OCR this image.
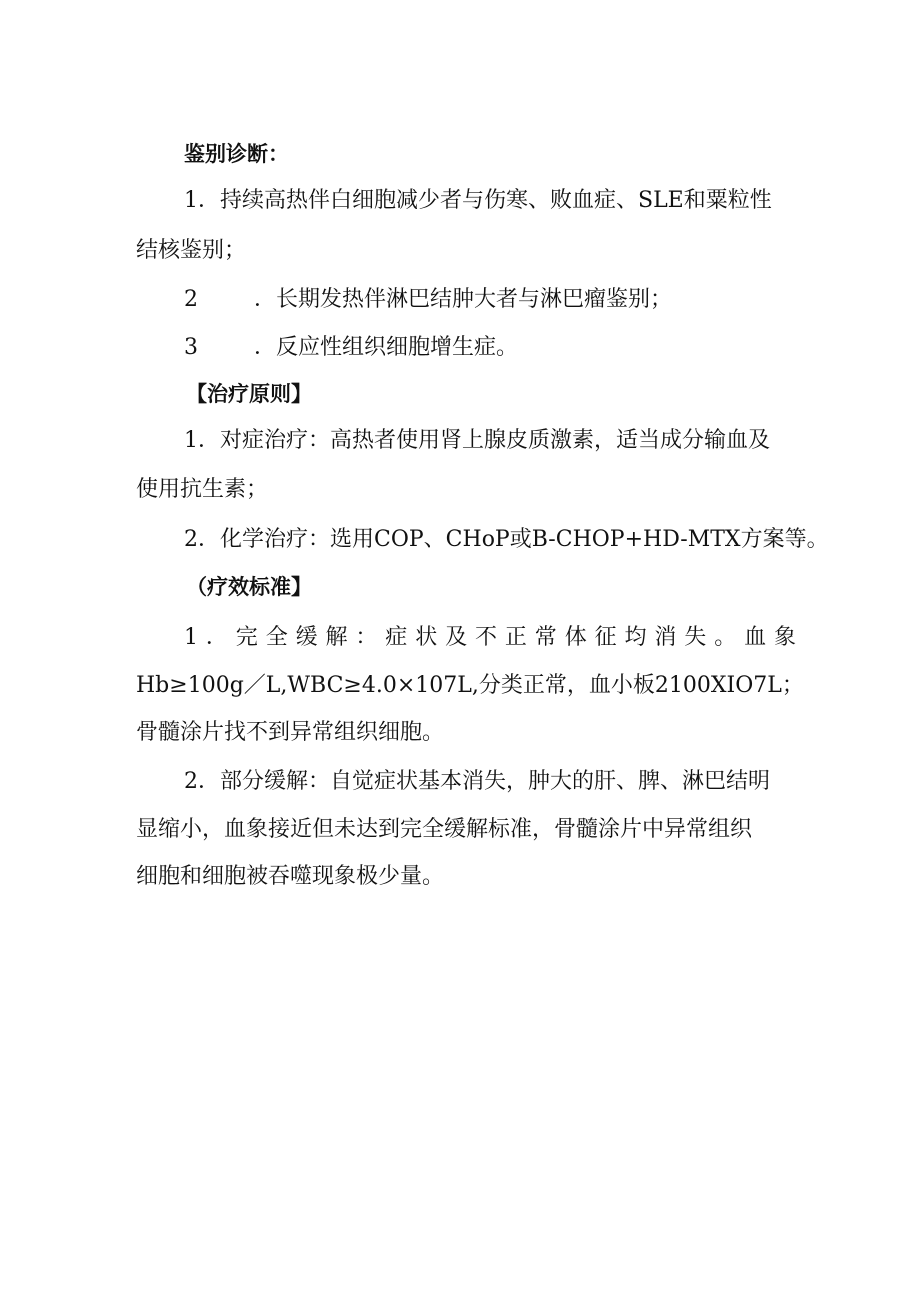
鉴别诊断：
1．持续高热伴白细胞减少者与伤寒、败血症、SLE和粟粒性
结核鉴别；
2	．长期发热伴淋巴结肿大者与淋巴瘤鉴别；
3	．反应性组织细胞增生症。
【治疗原则】
1．对症治疗：高热者使用肾上腺皮质激素，适当成分输血及
使用抗生素；
2．化学治疗：选用COP、CHoP或B-CHOP+HD-MTX方案等。
（疗效标准】
1．完全缓解：症状及不正常体征均消失。血象
Hb≥100g／L,WBC≥4.0×107L,分类正常，血小板2100XIO7L；
骨髓涂片找不到异常组织细胞。
2．部分缓解：自觉症状基本消失，肿大的肝、脾、淋巴结明
显缩小，血象接近但未达到完全缓解标准，骨髓涂片中异常组织
细胞和细胞被吞噬现象极少量。
